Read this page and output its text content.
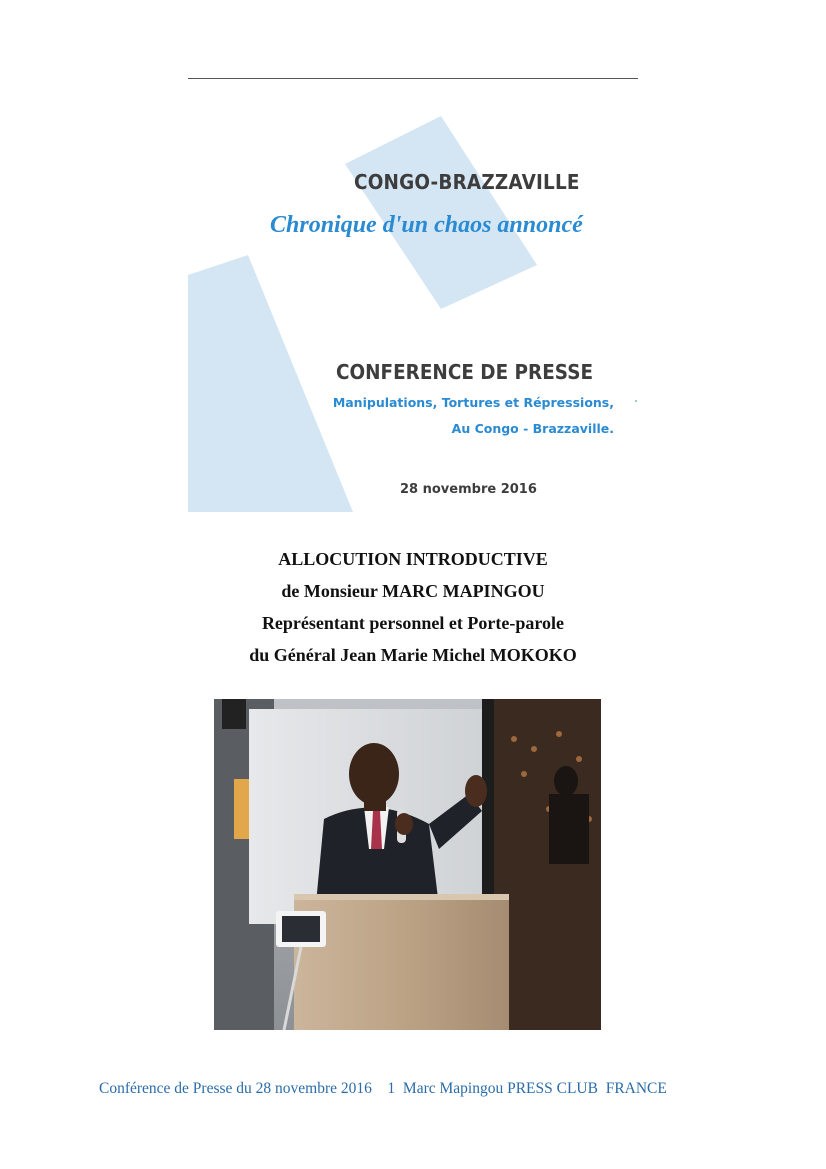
CONGO-BRAZZAVILLE
Chronique d'un chaos annoncé
CONFERENCE DE PRESSE
Manipulations, Tortures et Répressions,
Au Congo - Brazzaville.
28 novembre 2016
ALLOCUTION INTRODUCTIVE
de Monsieur MARC MAPINGOU
Représentant personnel et Porte-parole
du Général Jean Marie Michel MOKOKO
Conférence de Presse du 28 novembre 2016 1 Marc Mapingou PRESS CLUB  FRANCE
